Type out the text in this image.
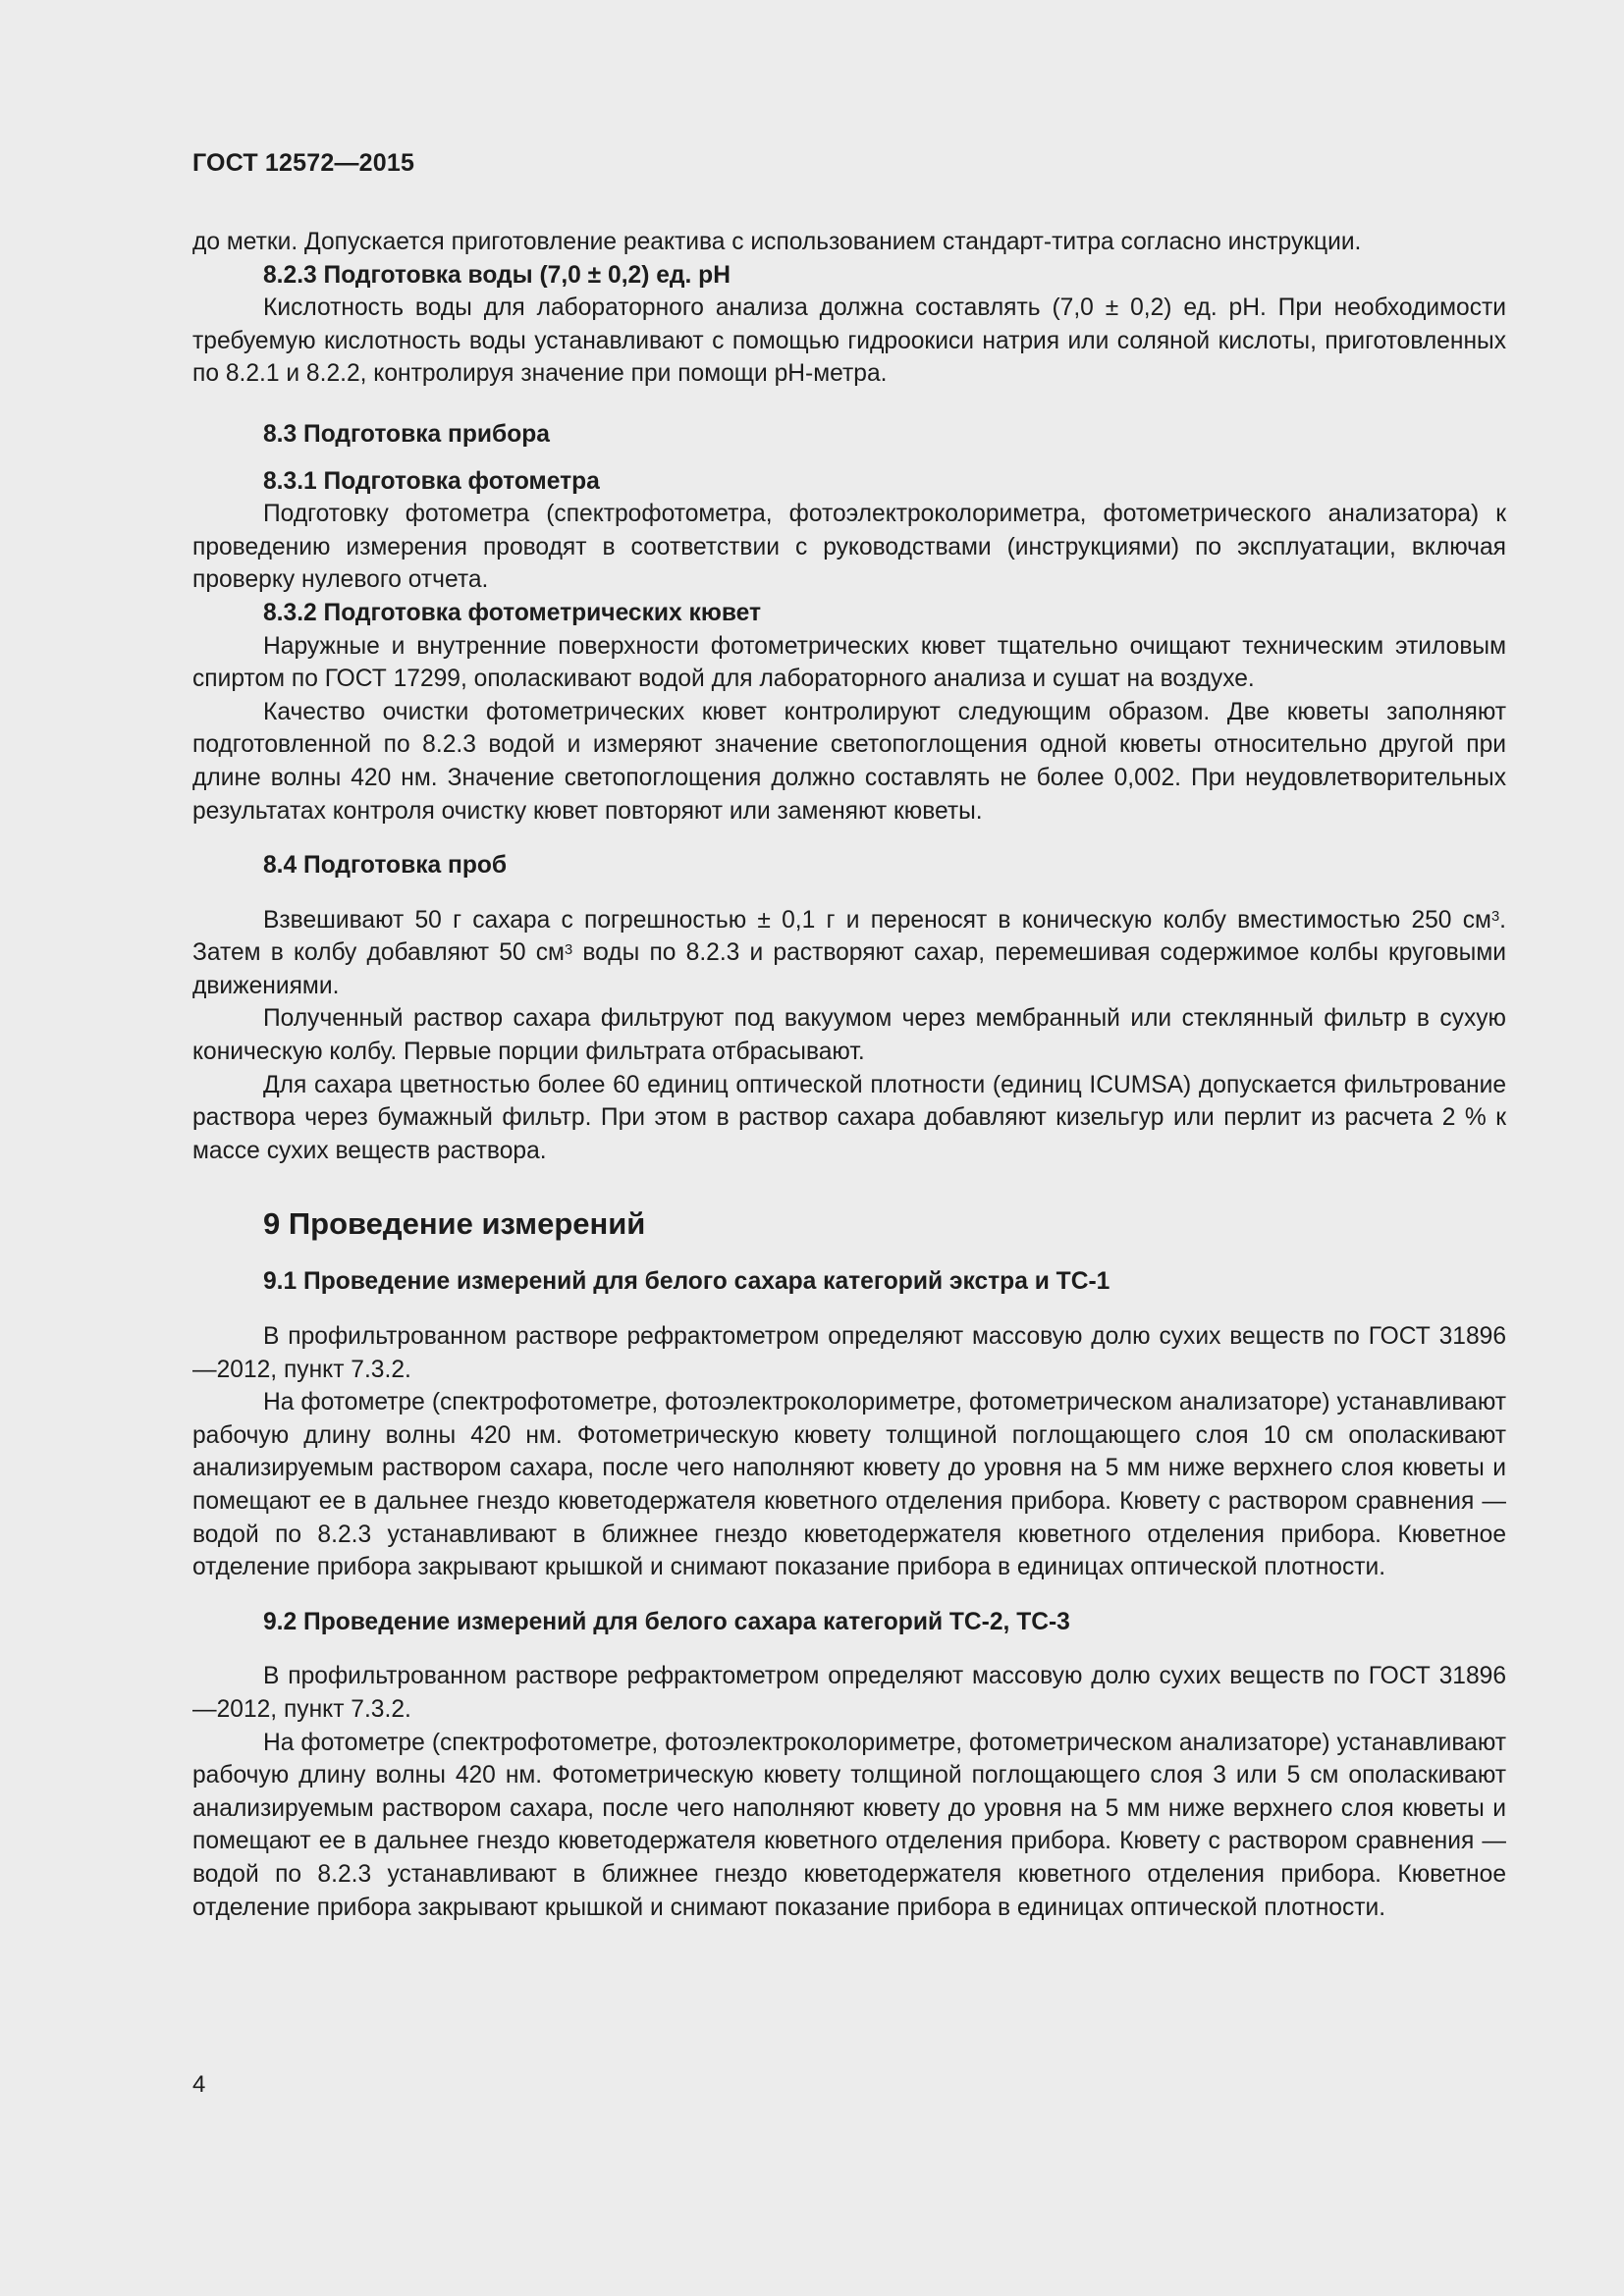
ГОСТ 12572—2015

до метки. Допускается приготовление реактива с использованием стандарт-титра согласно инструкции.

8.2.3 Подготовка воды (7,0 ± 0,2) ед. pH

Кислотность воды для лабораторного анализа должна составлять (7,0 ± 0,2) ед. pH. При необходимости требуемую кислотность воды устанавливают с помощью гидроокиси натрия или соляной кислоты, приготовленных по 8.2.1 и 8.2.2, контролируя значение при помощи pH-метра.

8.3 Подготовка прибора
8.3.1 Подготовка фотометра

Подготовку фотометра (спектрофотометра, фотоэлектроколориметра, фотометрического анализатора) к проведению измерения проводят в соответствии с руководствами (инструкциями) по эксплуатации, включая проверку нулевого отчета.

8.3.2 Подготовка фотометрических кювет

Наружные и внутренние поверхности фотометрических кювет тщательно очищают техническим этиловым спиртом по ГОСТ 17299, ополаскивают водой для лабораторного анализа и сушат на воздухе.

Качество очистки фотометрических кювет контролируют следующим образом. Две кюветы заполняют подготовленной по 8.2.3 водой и измеряют значение светопоглощения одной кюветы относительно другой при длине волны 420 нм. Значение светопоглощения должно составлять не более 0,002. При неудовлетворительных результатах контроля очистку кювет повторяют или заменяют кюветы.

8.4 Подготовка проб

Взвешивают 50 г сахара с погрешностью ± 0,1 г и переносят в коническую колбу вместимостью 250 $см^3$. Затем в колбу добавляют 50 $см^3$ воды по 8.2.3 и растворяют сахар, перемешивая содержимое колбы круговыми движениями.

Полученный раствор сахара фильтруют под вакуумом через мембранный или стеклянный фильтр в сухую коническую колбу. Первые порции фильтрата отбрасывают.

Для сахара цветностью более 60 единиц оптической плотности (единиц ICUMSA) допускается фильтрование раствора через бумажный фильтр. При этом в раствор сахара добавляют кизельгур или перлит из расчета 2 % к массе сухих веществ раствора.

9 Проведение измерений
9.1 Проведение измерений для белого сахара категорий экстра и ТС-1

В профильтрованном растворе рефрактометром определяют массовую долю сухих веществ по ГОСТ 31896—2012, пункт 7.3.2.

На фотометре (спектрофотометре, фотоэлектроколориметре, фотометрическом анализаторе) устанавливают рабочую длину волны 420 нм. Фотометрическую кювету толщиной поглощающего слоя 10 см ополаскивают анализируемым раствором сахара, после чего наполняют кювету до уровня на 5 мм ниже верхнего слоя кюветы и помещают ее в дальнее гнездо кюветодержателя кюветного отделения прибора. Кювету с раствором сравнения — водой по 8.2.3 устанавливают в ближнее гнездо кюветодержателя кюветного отделения прибора. Кюветное отделение прибора закрывают крышкой и снимают показание прибора в единицах оптической плотности.

9.2 Проведение измерений для белого сахара категорий ТС-2, ТС-3

В профильтрованном растворе рефрактометром определяют массовую долю сухих веществ по ГОСТ 31896—2012, пункт 7.3.2.

На фотометре (спектрофотометре, фотоэлектроколориметре, фотометрическом анализаторе) устанавливают рабочую длину волны 420 нм. Фотометрическую кювету толщиной поглощающего слоя 3 или 5 см ополаскивают анализируемым раствором сахара, после чего наполняют кювету до уровня на 5 мм ниже верхнего слоя кюветы и помещают ее в дальнее гнездо кюветодержателя кюветного отделения прибора. Кювету с раствором сравнения — водой по 8.2.3 устанавливают в ближнее гнездо кюветодержателя кюветного отделения прибора. Кюветное отделение прибора закрывают крышкой и снимают показание прибора в единицах оптической плотности.

4
